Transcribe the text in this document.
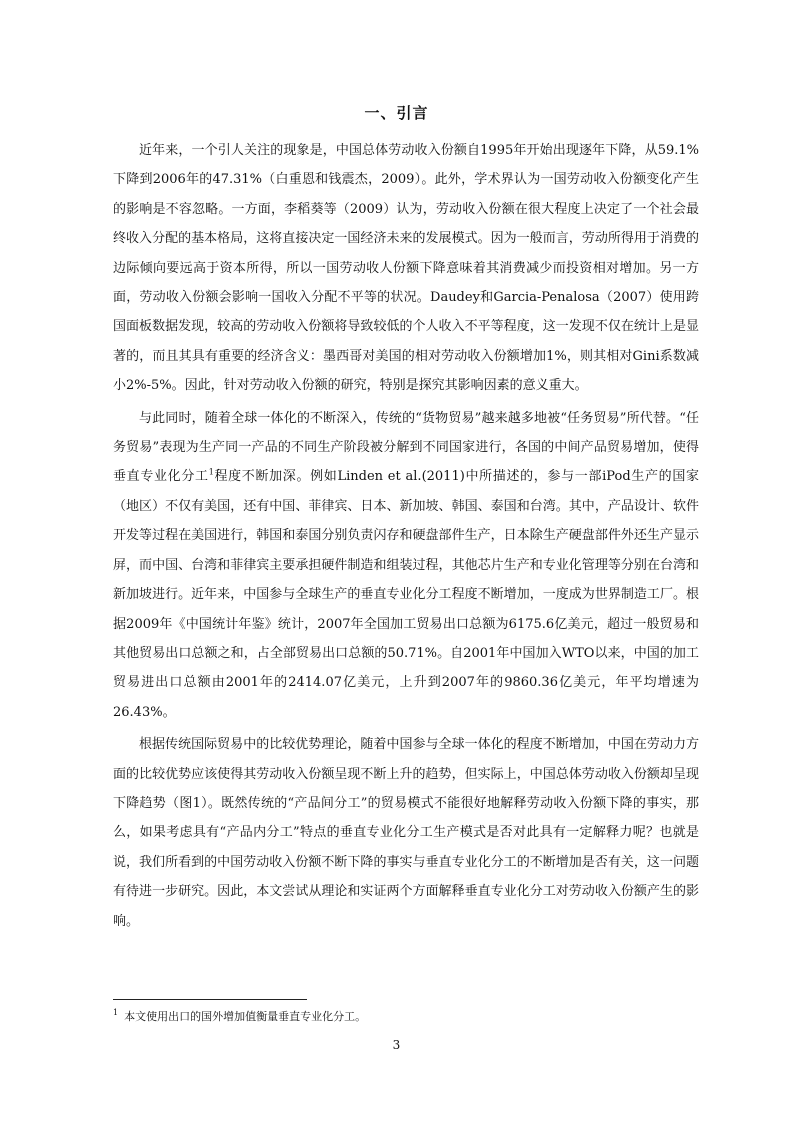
一、引言

近年来，一个引人关注的现象是，中国总体劳动收入份额自1995年开始出现逐年下降，从59.1%下降到2006年的47.31%（白重恩和钱震杰，2009）。此外，学术界认为一国劳动收入份额变化产生的影响是不容忽略。一方面，李稻葵等（2009）认为，劳动收入份额在很大程度上决定了一个社会最终收入分配的基本格局，这将直接决定一国经济未来的发展模式。因为一般而言，劳动所得用于消费的边际倾向要远高于资本所得，所以一国劳动收人份额下降意味着其消费减少而投资相对增加。另一方面，劳动收入份额会影响一国收入分配不平等的状况。Daudey和Garcia-Penalosa（2007）使用跨国面板数据发现，较高的劳动收入份额将导致较低的个人收入不平等程度，这一发现不仅在统计上是显著的，而且其具有重要的经济含义：墨西哥对美国的相对劳动收入份额增加1%，则其相对Gini系数减小2%-5%。因此，针对劳动收入份额的研究，特别是探究其影响因素的意义重大。

与此同时，随着全球一体化的不断深入，传统的“货物贸易”越来越多地被“任务贸易”所代替。“任务贸易”表现为生产同一产品的不同生产阶段被分解到不同国家进行，各国的中间产品贸易增加，使得垂直专业化分工$^1$程度不断加深。例如Linden et al.(2011)中所描述的，参与一部iPod生产的国家（地区）不仅有美国，还有中国、菲律宾、日本、新加坡、韩国、泰国和台湾。其中，产品设计、软件开发等过程在美国进行，韩国和泰国分别负责闪存和硬盘部件生产，日本除生产硬盘部件外还生产显示屏，而中国、台湾和菲律宾主要承担硬件制造和组装过程，其他芯片生产和专业化管理等分别在台湾和新加坡进行。近年来，中国参与全球生产的垂直专业化分工程度不断增加，一度成为世界制造工厂。根据2009年《中国统计年鉴》统计，2007年全国加工贸易出口总额为6175.6亿美元，超过一般贸易和其他贸易出口总额之和，占全部贸易出口总额的50.71%。自2001年中国加入WTO以来，中国的加工贸易进出口总额由2001年的2414.07亿美元，上升到2007年的9860.36亿美元，年平均增速为26.43%。

根据传统国际贸易中的比较优势理论，随着中国参与全球一体化的程度不断增加，中国在劳动力方面的比较优势应该使得其劳动收入份额呈现不断上升的趋势，但实际上，中国总体劳动收入份额却呈现下降趋势（图1）。既然传统的“产品间分工”的贸易模式不能很好地解释劳动收入份额下降的事实，那么，如果考虑具有“产品内分工”特点的垂直专业化分工生产模式是否对此具有一定解释力呢？也就是说，我们所看到的中国劳动收入份额不断下降的事实与垂直专业化分工的不断增加是否有关，这一问题有待进一步研究。因此，本文尝试从理论和实证两个方面解释垂直专业化分工对劳动收入份额产生的影响。

$^1$ 本文使用出口的国外增加值衡量垂直专业化分工。
3
